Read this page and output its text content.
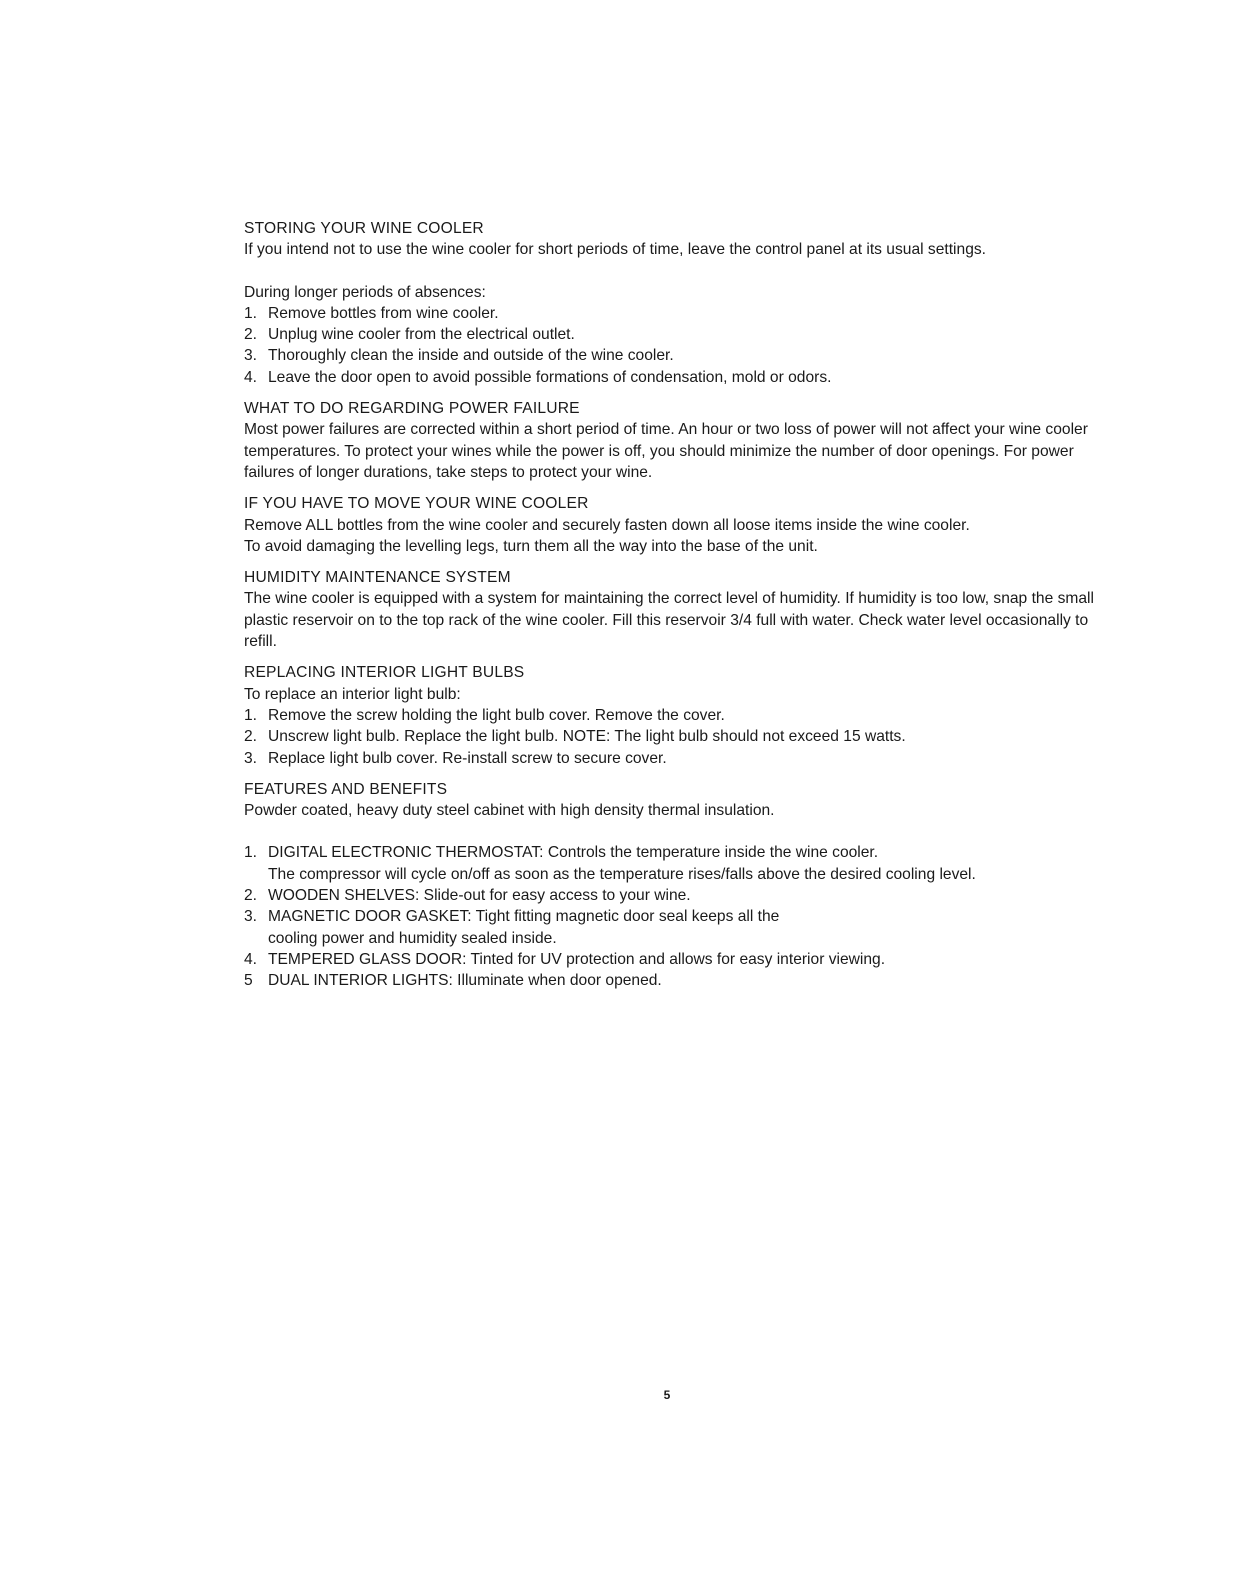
STORING YOUR WINE COOLER
If you intend not to use the wine cooler for short periods of time, leave the control panel at its usual settings.
During longer periods of absences:
1. Remove bottles from wine cooler.
2. Unplug wine cooler from the electrical outlet.
3. Thoroughly clean the inside and outside of the wine cooler.
4. Leave the door open to avoid possible formations of condensation, mold or odors.
WHAT TO DO REGARDING POWER FAILURE
Most power failures are corrected within a short period of time. An hour or two loss of power will not affect your wine cooler temperatures. To protect your wines while the power is off, you should minimize the number of door openings. For power failures of longer durations, take steps to protect your wine.
IF YOU HAVE TO MOVE YOUR WINE COOLER
Remove ALL bottles from the wine cooler and securely fasten down all loose items inside the wine cooler.
To avoid damaging the levelling legs, turn them all the way into the base of the unit.
HUMIDITY MAINTENANCE SYSTEM
The wine cooler is equipped with a system for maintaining the correct level of humidity. If humidity is too low, snap the small plastic reservoir on to the top rack of the wine cooler. Fill this reservoir 3/4 full with water. Check water level occasionally to refill.
REPLACING INTERIOR LIGHT BULBS
To replace an interior light bulb:
1. Remove the screw holding the light bulb cover. Remove the cover.
2. Unscrew light bulb. Replace the light bulb. NOTE: The light bulb should not exceed 15 watts.
3. Replace light bulb cover. Re-install screw to secure cover.
FEATURES AND BENEFITS
Powder coated, heavy duty steel cabinet with high density thermal insulation.
1. DIGITAL ELECTRONIC THERMOSTAT: Controls the temperature inside the wine cooler.
The compressor will cycle on/off as soon as the temperature rises/falls above the desired cooling level.
2. WOODEN SHELVES: Slide-out for easy access to your wine.
3. MAGNETIC DOOR GASKET: Tight fitting magnetic door seal keeps all the
cooling power and humidity sealed inside.
4. TEMPERED GLASS DOOR: Tinted for UV protection and allows for easy interior viewing.
5 DUAL INTERIOR LIGHTS: Illuminate when door opened.
5
